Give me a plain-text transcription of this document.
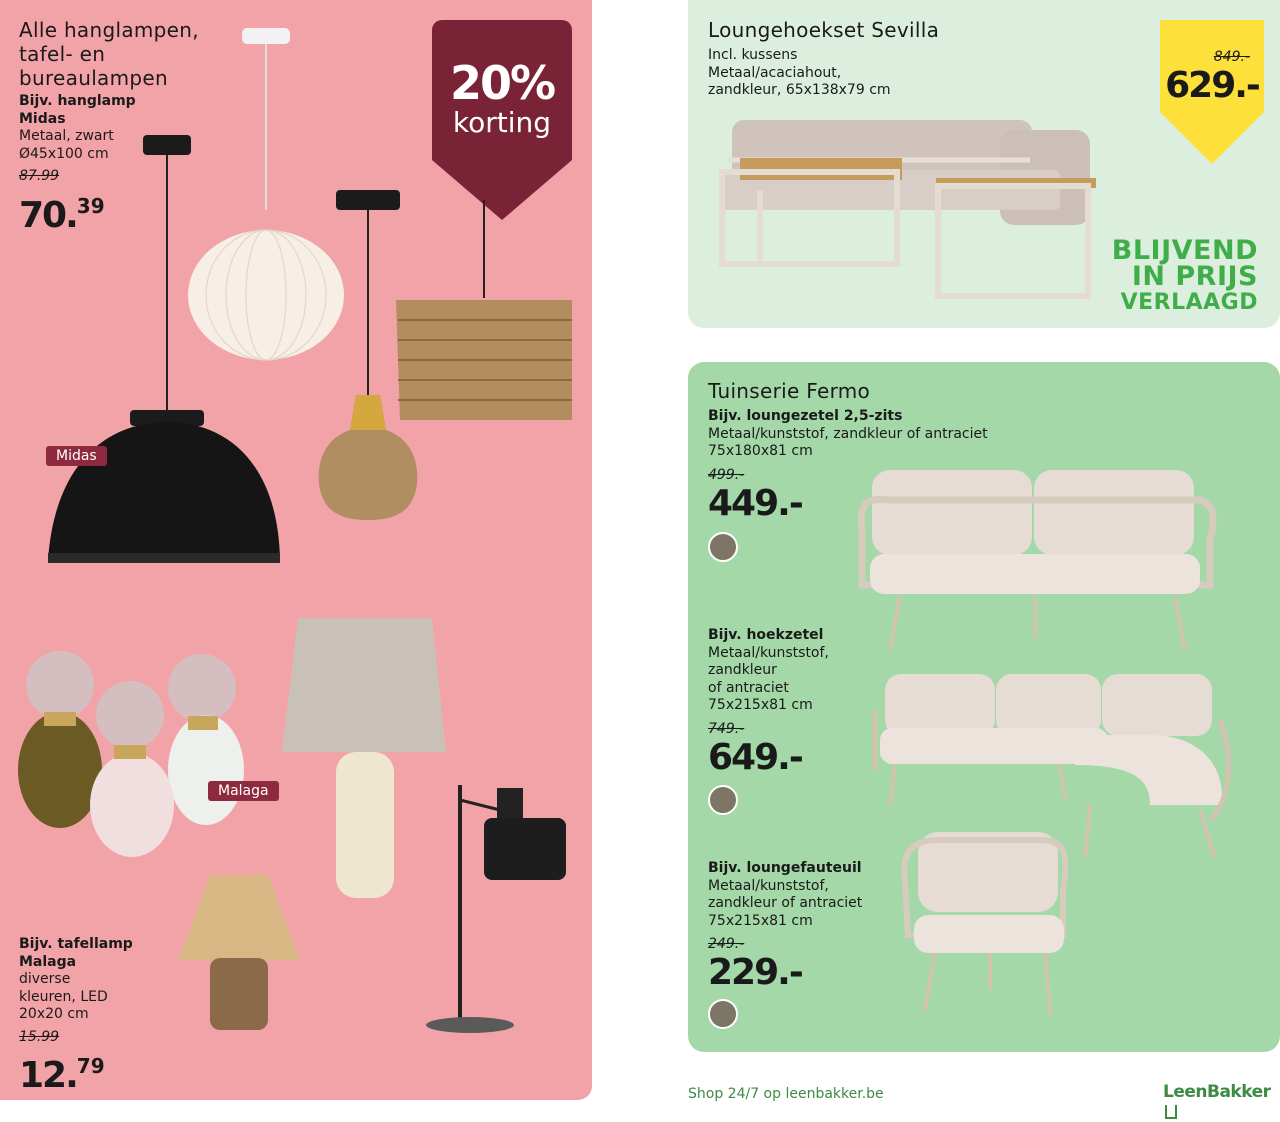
Alle hanglampen,
tafel- en
bureaulampen
Bijv. hanglamp
Midas
Metaal, zwart
Ø45x100 cm
87.99
70.39
20%
korting
Midas
Malaga
Bijv. tafellamp
Malaga
diverse
kleuren, LED
20x20 cm
15.99
12.79
Loungehoekset Sevilla
Incl. kussens
Metaal/acaciahout,
zandkleur, 65x138x79 cm
849.-
629.-
BLIJVEND
IN PRIJS
VERLAAGD
Tuinserie Fermo
Bijv. loungezetel 2,5-zits
Metaal/kunststof, zandkleur of antraciet
75x180x81 cm
499.-
449.-
Bijv. hoekzetel
Metaal/kunststof,
zandkleur
of antraciet
75x215x81 cm
749.-
649.-
Bijv. loungefauteuil
Metaal/kunststof,
zandkleur of antraciet
75x215x81 cm
249.-
229.-
Shop 24/7 op leenbakker.be	LeenBakker
